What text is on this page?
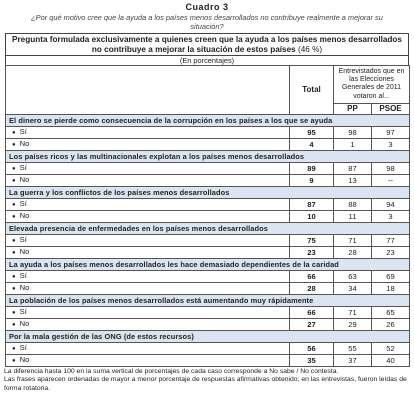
Cuadro 3
¿Por qué motivo cree que la ayuda a los países menos desarrollados no contribuye realmente a mejorar su situación?
Pregunta formulada exclusivamente a quienes creen que la ayuda a los países menos desarrollados no contribuye a mejorar la situación de estos países (46 %)
(En porcentajes)
	Total	Entrevistados que en las Elecciones Generales de 2011 votaron al...	
		PP	PSOE
El dinero se pierde como consecuencia de la corrupción en los países a los que se ayuda			
● Sí	95	98	97
● No	4	1	3
Los países ricos y las multinacionales explotan a los países menos desarrollados			
● Sí	89	87	98
● No	9	13	--
La guerra y los conflictos de los países menos desarrollados			
● Sí	87	88	94
● No	10	11	3
Elevada presencia de enfermedades en los países menos desarrollados			
● Sí	75	71	77
● No	23	28	23
La ayuda a los países menos desarrollados les hace demasiado dependientes de la caridad			
● Sí	66	63	69
● No	28	34	18
La población de los países menos desarrollados está aumentando muy rápidamente			
● Sí	66	71	65
● No	27	29	26
Por la mala gestión de las ONG (de estos recursos)			
● Sí	56	55	52
● No	35	37	40
La diferencia hasta 100 en la suma vertical de porcentajes de cada caso corresponde a No sabe / No contesta.
Las frases aparecen ordenadas de mayor a menor porcentaje de respuestas afirmativas obtenido; en las entrevistas, fueron leídas de forma rotatoria.
